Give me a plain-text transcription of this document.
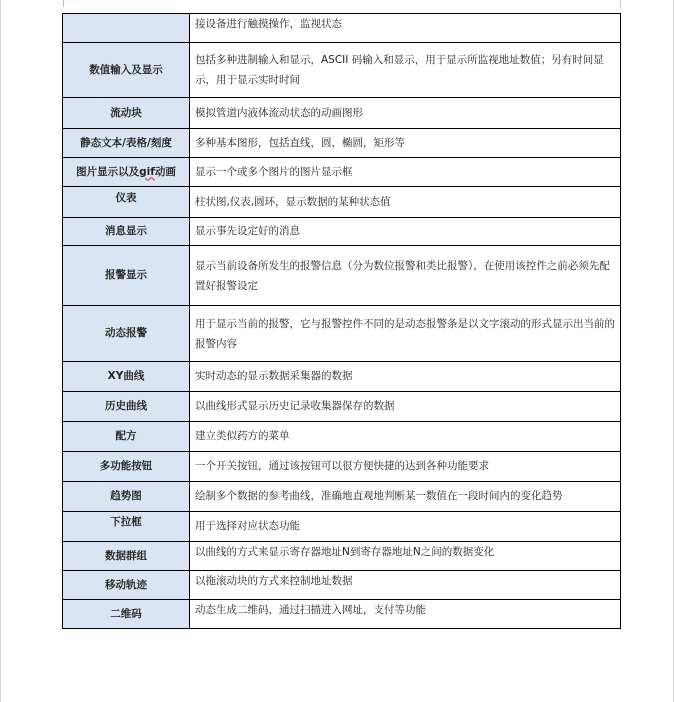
	接设备进行触摸操作，监视状态
数值输入及显示	包括多种进制输入和显示，ASCII 码输入和显示，用于显示所监视地址数值；另有时间显示，用于显示实时时间
流动块	模拟管道内液体流动状态的动画图形
静态文本/表格/刻度	多种基本图形，包括直线，圆，椭圆，矩形等
图片显示以及gif动画	显示一个或多个图片的图片显示框
仪表	柱状图,仪表,圆环，显示数据的某种状态值
消息显示	显示事先设定好的消息
报警显示	显示当前设备所发生的报警信息（分为数位报警和类比报警），在使用该控件之前必须先配置好报警设定
动态报警	用于显示当前的报警，它与报警控件不同的是动态报警条是以文字滚动的形式显示出当前的报警内容
XY曲线	实时动态的显示数据采集器的数据
历史曲线	以曲线形式显示历史记录收集器保存的数据
配方	建立类似药方的菜单
多功能按钮	一个开关按钮，通过该按钮可以很方便快捷的达到各种功能要求
趋势图	绘制多个数据的参考曲线，准确地直观地判断某一数值在一段时间内的变化趋势
下拉框	用于选择对应状态功能
数据群组	以曲线的方式来显示寄存器地址N到寄存器地址N之间的数据变化
移动轨迹	以拖滚动块的方式来控制地址数据
二维码	动态生成二维码，通过扫描进入网址，支付等功能
